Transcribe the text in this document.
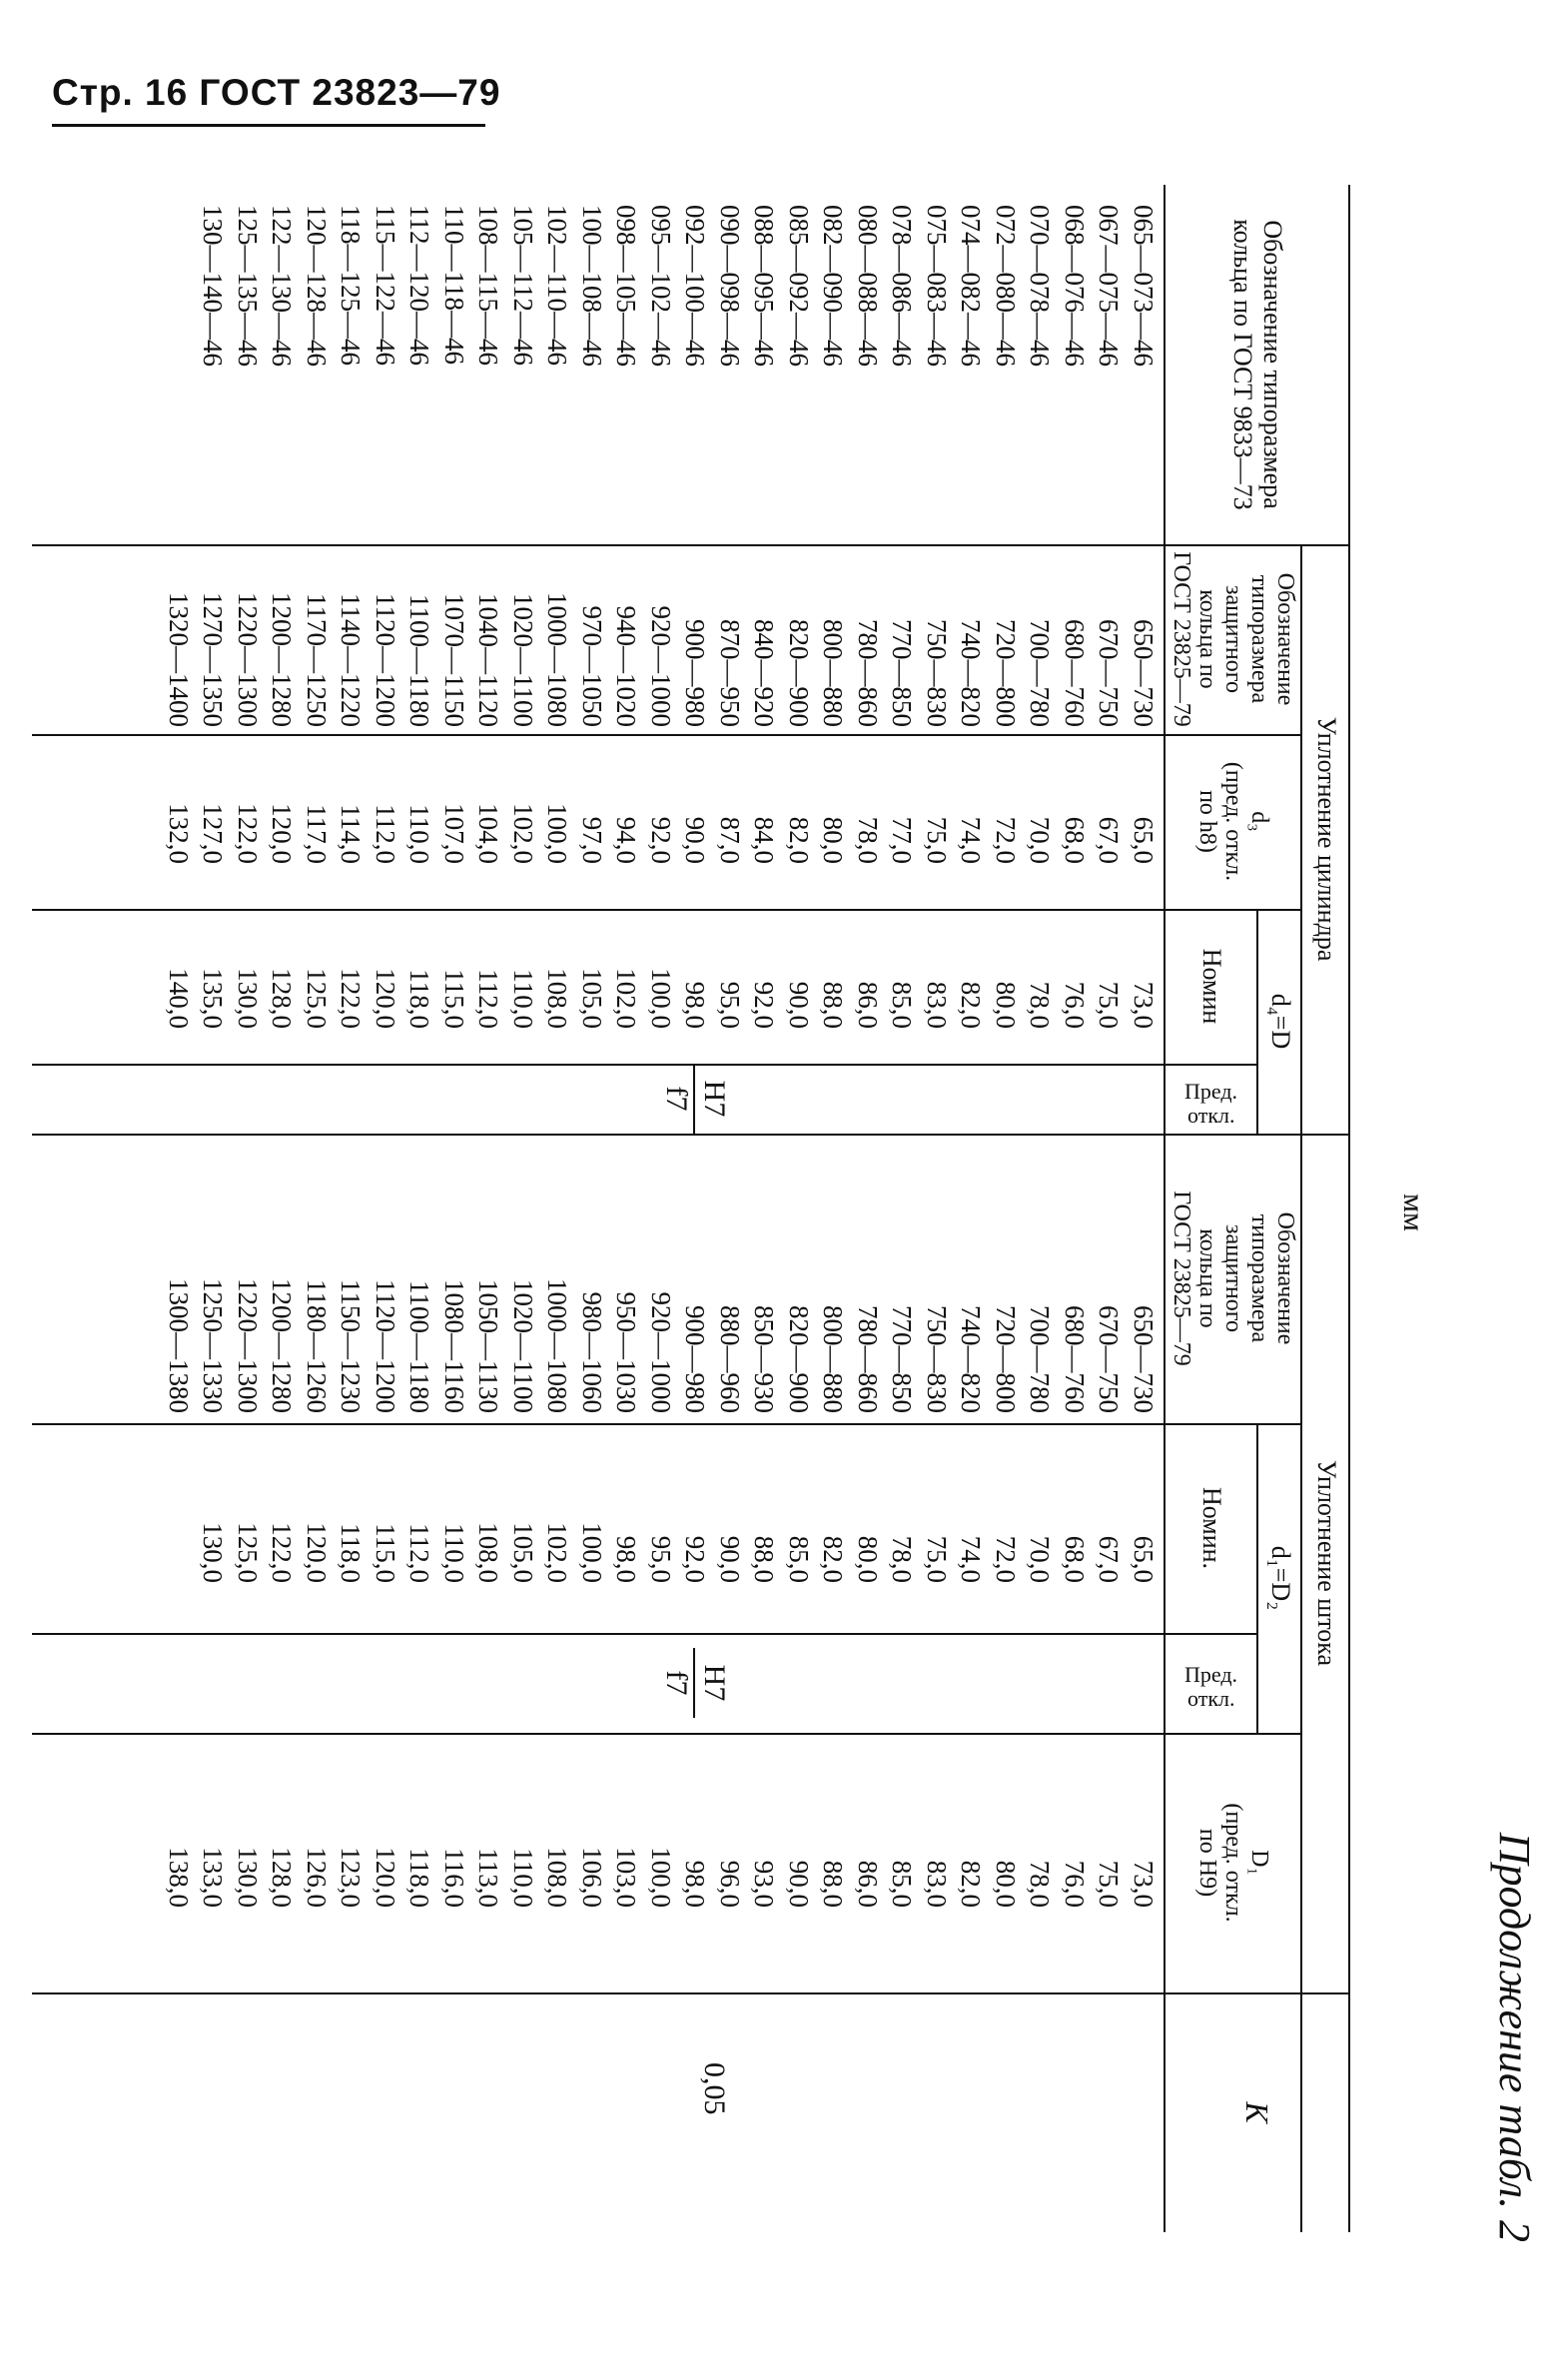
Стр. 16 ГОСТ 23823—79
Продолжение табл. 2
мм
Обозначение типоразмера кольца по ГОСТ 9833—73
Уплотнение цилиндра
Обозначение
типоразмера
защитного
кольца по
ГОСТ 23825—79
d₃
(пред. откл.
по h8)
d₄=D
Номин
Пред.
откл.
Уплотнение штока
Обозначение
типоразмера
защитного
кольца по
ГОСТ 23825—79
d₁=D₂
Номин.
Пред.
откл.
D₁
(пред. откл.
по H9)
K
065—073—46
067—075—46
068—076—46
070—078—46
072—080—46
074—082—46
075—083—46
078—086—46
080—088—46
082—090—46
085—092—46
088—095—46
090—098—46
092—100—46
095—102—46
098—105—46
100—108—46
102—110—46
105—112—46
108—115—46
110—118—46
112—120—46
115—122—46
118—125—46
120—128—46
122—130—46
125—135—46
130—140—46
650—730
670—750
680—760
700—780
720—800
740—820
750—830
770—850
780—860
800—880
820—900
840—920
870—950
900—980
920—1000
940—1020
970—1050
1000—1080
1020—1100
1040—1120
1070—1150
1100—1180
1120—1200
1140—1220
1170—1250
1200—1280
1220—1300
1270—1350
1320—1400
65,0
67,0
68,0
70,0
72,0
74,0
75,0
77,0
78,0
80,0
82,0
84,0
87,0
90,0
92,0
94,0
97,0
100,0
102,0
104,0
107,0
110,0
112,0
114,0
117,0
120,0
122,0
127,0
132,0
73,0
75,0
76,0
78,0
80,0
82,0
83,0
85,0
86,0
88,0
90,0
92,0
95,0
98,0
100,0
102,0
105,0
108,0
110,0
112,0
115,0
118,0
120,0
122,0
125,0
128,0
130,0
135,0
140,0
650—730
670—750
680—760
700—780
720—800
740—820
750—830
770—850
780—860
800—880
820—900
850—930
880—960
900—980
920—1000
950—1030
980—1060
1000—1080
1020—1100
1050—1130
1080—1160
1100—1180
1120—1200
1150—1230
1180—1260
1200—1280
1220—1300
1250—1330
1300—1380
65,0
67,0
68,0
70,0
72,0
74,0
75,0
78,0
80,0
82,0
85,0
88,0
90,0
92,0
95,0
98,0
100,0
102,0
105,0
108,0
110,0
112,0
115,0
118,0
120,0
122,0
125,0
130,0
73,0
75,0
76,0
78,0
80,0
82,0
83,0
85,0
86,0
88,0
90,0
93,0
96,0
98,0
100,0
103,0
106,0
108,0
110,0
113,0
116,0
118,0
120,0
123,0
126,0
128,0
130,0
133,0
138,0
H7
f7
H7
f7
0,05
